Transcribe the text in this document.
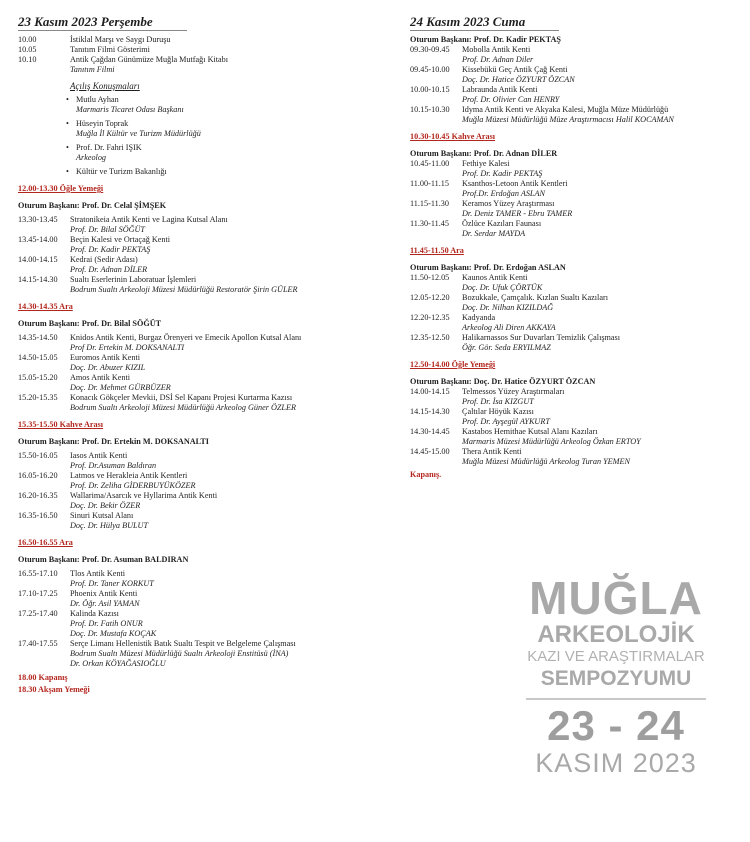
23 Kasım 2023 Perşembe
10.00	İstiklal Marşı ve Saygı Duruşu
10.05	Tanıtım Filmi Gösterimi
10.10	Antik Çağdan Günümüze Muğla Mutfağı Kitabı
Tanıtım Filmi
Açılış Konuşmaları
• Mutlu Ayhan
Marmaris Ticaret Odası Başkanı
• Hüseyin Toprak
Muğla İl Kültür ve Turizm Müdürlüğü
• Prof. Dr. Fahri IŞIK
Arkeolog
• Kültür ve Turizm Bakanlığı
12.00-13.30 Öğle Yemeği
Oturum Başkanı: Prof. Dr. Celal ŞİMŞEK
13.30-13.45 Stratonikeia Antik Kenti ve Lagina Kutsal Alanı
Prof. Dr. Bilal SÖĞÜT
13.45-14.00 Beçin Kalesi ve Ortaçağ Kenti
Prof. Dr. Kadir PEKTAŞ
14.00-14.15 Kedrai (Sedir Adası)
Prof. Dr. Adnan DİLER
14.15-14.30 Sualtı Eserlerinin Laboratuar İşlemleri
Bodrum Sualtı Arkeoloji Müzesi Müdürlüğü Restoratör Şirin GÜLER
14.30-14.35 Ara
Oturum Başkanı: Prof. Dr. Bilal SÖĞÜT
14.35-14.50 Knidos Antik Kenti, Burgaz Örenyeri ve Emecik Apollon Kutsal Alanı
Prof Dr. Ertekin M. DOKSANALTI
14.50-15.05 Euromos Antik Kenti
Doç. Dr. Abuzer KIZIL
15.05-15.20 Amos Antik Kenti
Doç. Dr. Mehmet GÜRBÜZER
15.20-15.35 Konacık Gökçeler Mevkii, DSİ Sel Kapanı Projesi Kurtarma Kazısı
Bodrum Sualtı Arkeoloji Müzesi Müdürlüğü Arkeolog Güner ÖZLER
15.35-15.50 Kahve Arası
Oturum Başkanı: Prof. Dr. Ertekin M. DOKSANALTI
15.50-16.05 Iasos Antik Kenti
Prof. Dr.Asuman Baldıran
16.05-16.20 Latmos ve Herakleia Antik Kentleri
Prof. Dr. Zeliha GİDERBUYÜKÖZER
16.20-16.35 Wallarima/Asarcık ve Hyllarima Antik Kenti
Doç. Dr. Bekir ÖZER
16.35-16.50 Sinuri Kutsal Alanı
Doç. Dr. Hülya BULUT
16.50-16.55 Ara
Oturum Başkanı: Prof. Dr. Asuman BALDIRAN
16.55-17.10 Tlos Antik Kenti
Prof. Dr. Taner KORKUT
17.10-17.25 Phoenix Antik Kenti
Dr. Öğr. Asil YAMAN
17.25-17.40 Kalinda Kazısı
Prof. Dr. Fatih ONUR
Doç. Dr. Mustafa KOÇAK
17.40-17.55 Serçe Limanı Hellenistik Batık Sualtı Tespit ve Belgeleme Çalışması
Bodrum Sualtı Müzesi Müdürlüğü Sualtı Arkeoloji Enstitüsü (İNA)
Dr. Orkan KÖYAĞASIOĞLU
18.00 Kapanış
18.30 Akşam Yemeği
24 Kasım 2023 Cuma
Oturum Başkanı: Prof. Dr. Kadir PEKTAŞ
09.30-09.45 Mobolla Antik Kenti
Prof. Dr. Adnan Diler
09.45-10.00 Kissebükü Geç Antik Çağ Kenti
Doç. Dr. Hatice ÖZYURT ÖZCAN
10.00-10.15 Labraunda Antik Kenti
Prof. Dr. Olivier Can HENRY
10.15-10.30 Idyma Antik Kenti ve Akyaka Kalesi, Muğla Müze Müdürlüğü
Muğla Müzesi Müdürlüğü Müze Araştırmacısı Halil KOCAMAN
10.30-10.45 Kahve Arası
Oturum Başkanı: Prof. Dr. Adnan DİLER
10.45-11.00 Fethiye Kalesi
Prof. Dr. Kadir PEKTAŞ
11.00-11.15 Ksanthos-Letoon Antik Kentleri
Prof.Dr. Erdoğan ASLAN
11.15-11.30 Keramos Yüzey Araştırması
Dr. Deniz TAMER - Ebru TAMER
11.30-11.45 Özlüce Kazıları Faunası
Dr. Serdar MAYDA
11.45-11.50 Ara
Oturum Başkanı: Prof. Dr. Erdoğan ASLAN
11.50-12.05 Kaunos Antik Kenti
Doç. Dr. Ufuk ÇÖRTÜK
12.05-12.20 Bozukkale, Çamçalık. Kızlan Sualtı Kazıları
Doç. Dr. Nilhan KIZILDAĞ
12.20-12.35 Kadyanda
Arkeolog Ali Diren AKKAYA
12.35-12.50 Halikarnassos Sur Duvarları Temizlik Çalışması
Öğr. Gör. Seda ERYILMAZ
12.50-14.00 Öğle Yemeği
Oturum Başkanı: Doç. Dr. Hatice ÖZYURT ÖZCAN
14.00-14.15 Telmessos Yüzey Araştırmaları
Prof. Dr. İsa KIZGUT
14.15-14.30 Çaltılar Höyük Kazısı
Prof. Dr. Ayşegül AYKURT
14.30-14.45 Kastabos Hemithae Kutsal Alanı Kazıları
Marmaris Müzesi Müdürlüğü Arkeolog Özkan ERTOY
14.45-15.00 Thera Antik Kenti
Muğla Müzesi Müdürlüğü Arkeolog Turan YEMEN
Kapanış.
MUĞLA
ARKEOLOJİK
KAZI VE ARAŞTIRMALAR
SEMPOZYUMU
23 - 24
KASIM 2023
